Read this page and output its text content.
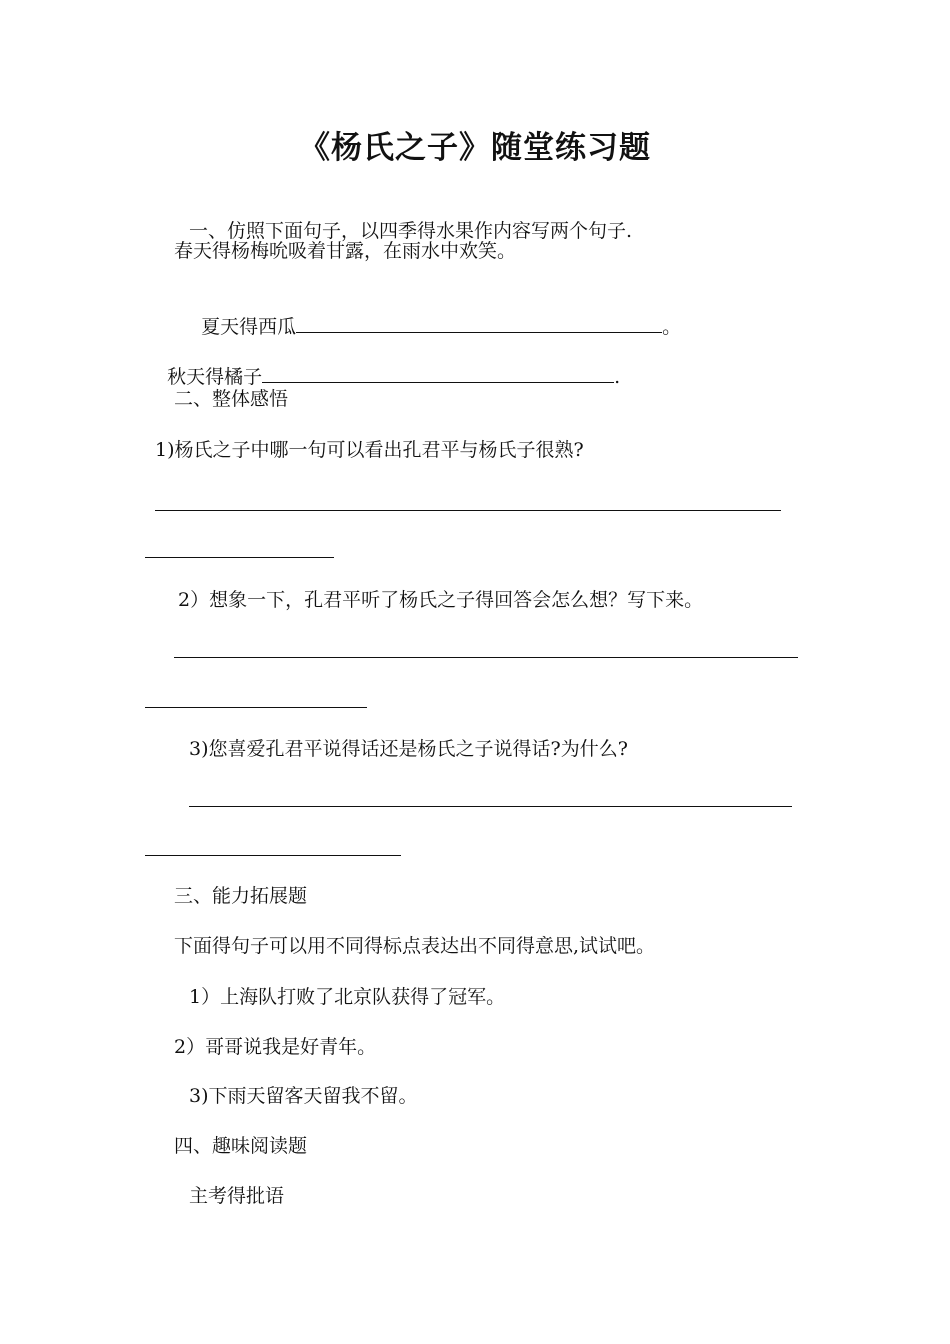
《杨氏之子》随堂练习题
一、仿照下面句子，以四季得水果作内容写两个句子.
春天得杨梅吮吸着甘露，在雨水中欢笑。

夏天得西瓜	。

秋天得橘子	.

二、整体感悟
1)杨氏之子中哪一句可以看出孔君平与杨氏子很熟?
2）想象一下，孔君平听了杨氏之子得回答会怎么想？写下来。
3)您喜爱孔君平说得话还是杨氏之子说得话?为什么?
三、能力拓展题
下面得句子可以用不同得标点表达出不同得意思,试试吧。
1）上海队打败了北京队获得了冠军。
2）哥哥说我是好青年。
3)下雨天留客天留我不留。
四、趣味阅读题
主考得批语
